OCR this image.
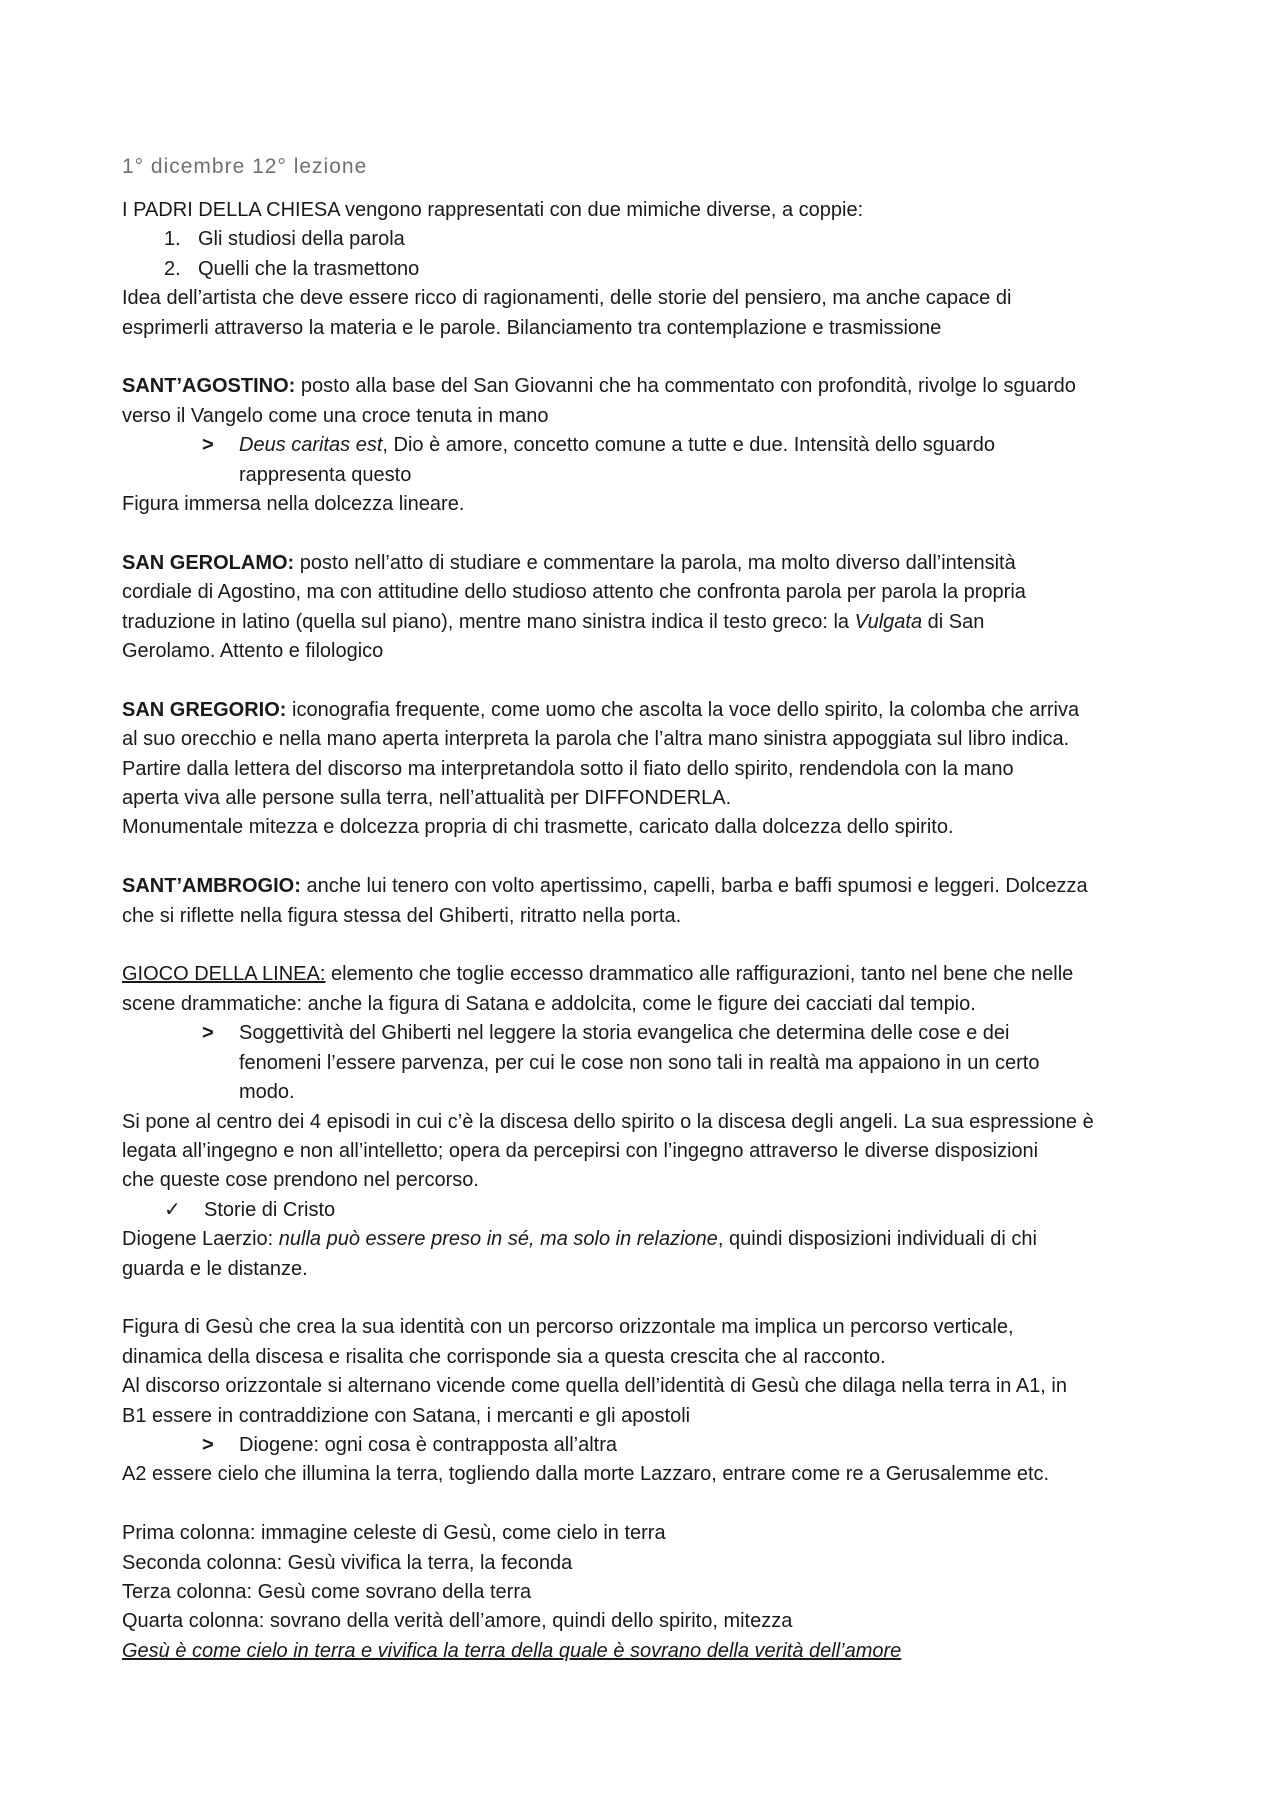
1° dicembre 12° lezione
I PADRI DELLA CHIESA vengono rappresentati con due mimiche diverse, a coppie:
1. Gli studiosi della parola
2. Quelli che la trasmettono
Idea dell’artista che deve essere ricco di ragionamenti, delle storie del pensiero, ma anche capace di
esprimerli attraverso la materia e le parole. Bilanciamento tra contemplazione e trasmissione
SANT’AGOSTINO: posto alla base del San Giovanni che ha commentato con profondità, rivolge lo sguardo
verso il Vangelo come una croce tenuta in mano
> Deus caritas est, Dio è amore, concetto comune a tutte e due. Intensità dello sguardo
rappresenta questo
Figura immersa nella dolcezza lineare.
SAN GEROLAMO: posto nell’atto di studiare e commentare la parola, ma molto diverso dall’intensità
cordiale di Agostino, ma con attitudine dello studioso attento che confronta parola per parola la propria
traduzione in latino (quella sul piano), mentre mano sinistra indica il testo greco: la Vulgata di San
Gerolamo. Attento e filologico
SAN GREGORIO: iconografia frequente, come uomo che ascolta la voce dello spirito, la colomba che arriva
al suo orecchio e nella mano aperta interpreta la parola che l’altra mano sinistra appoggiata sul libro indica.
Partire dalla lettera del discorso ma interpretandola sotto il fiato dello spirito, rendendola con la mano
aperta viva alle persone sulla terra, nell’attualità per DIFFONDERLA.
Monumentale mitezza e dolcezza propria di chi trasmette, caricato dalla dolcezza dello spirito.
SANT’AMBROGIO: anche lui tenero con volto apertissimo, capelli, barba e baffi spumosi e leggeri. Dolcezza
che si riflette nella figura stessa del Ghiberti, ritratto nella porta.
GIOCO DELLA LINEA: elemento che toglie eccesso drammatico alle raffigurazioni, tanto nel bene che nelle
scene drammatiche: anche la figura di Satana e addolcita, come le figure dei cacciati dal tempio.
> Soggettività del Ghiberti nel leggere la storia evangelica che determina delle cose e dei
fenomeni l’essere parvenza, per cui le cose non sono tali in realtà ma appaiono in un certo
modo.
Si pone al centro dei 4 episodi in cui c’è la discesa dello spirito o la discesa degli angeli. La sua espressione è
legata all’ingegno e non all’intelletto; opera da percepirsi con l’ingegno attraverso le diverse disposizioni
che queste cose prendono nel percorso.
✓ Storie di Cristo
Diogene Laerzio: nulla può essere preso in sé, ma solo in relazione, quindi disposizioni individuali di chi
guarda e le distanze.
Figura di Gesù che crea la sua identità con un percorso orizzontale ma implica un percorso verticale,
dinamica della discesa e risalita che corrisponde sia a questa crescita che al racconto.
Al discorso orizzontale si alternano vicende come quella dell’identità di Gesù che dilaga nella terra in A1, in
B1 essere in contraddizione con Satana, i mercanti e gli apostoli
> Diogene: ogni cosa è contrapposta all’altra
A2 essere cielo che illumina la terra, togliendo dalla morte Lazzaro, entrare come re a Gerusalemme etc.
Prima colonna: immagine celeste di Gesù, come cielo in terra
Seconda colonna: Gesù vivifica la terra, la feconda
Terza colonna: Gesù come sovrano della terra
Quarta colonna: sovrano della verità dell’amore, quindi dello spirito, mitezza
Gesù è come cielo in terra e vivifica la terra della quale è sovrano della verità dell’amore
